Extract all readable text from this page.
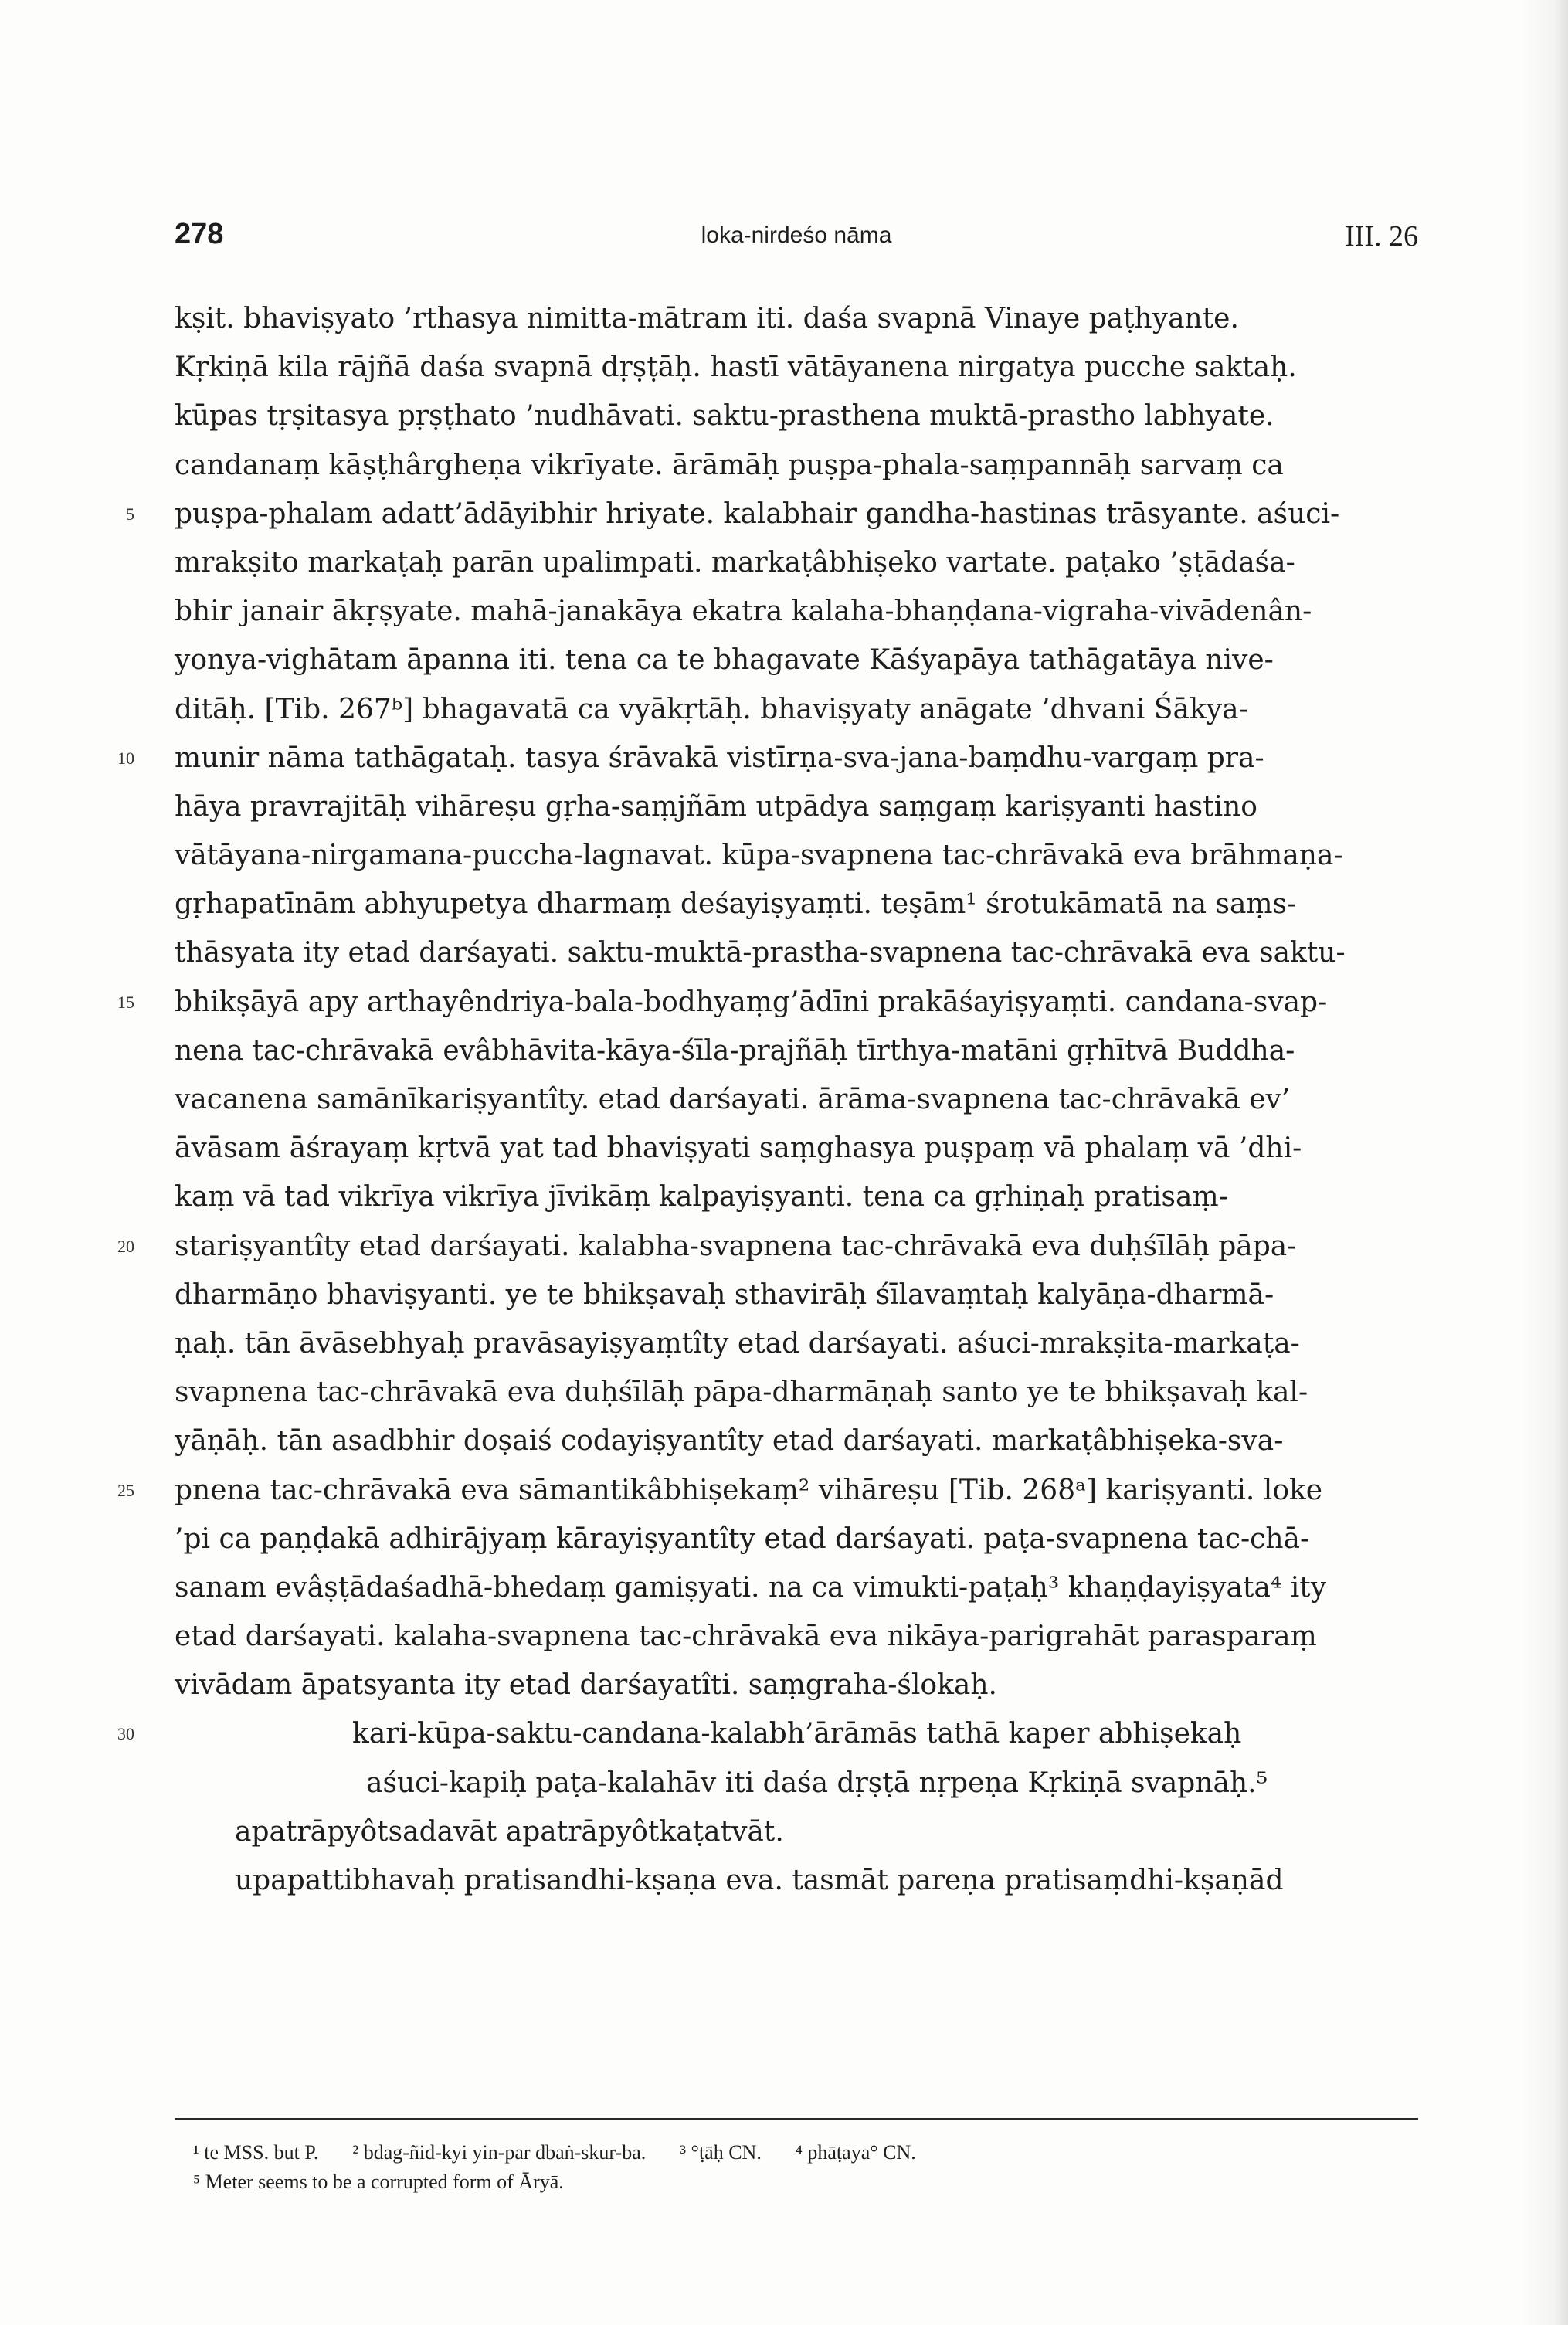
278	loka-nirdeśo nāma	III. 26
kṣit. bhaviṣyato ’rthasya nimitta-mātram iti. daśa svapnā Vinaye paṭhyante.
Kṛkiṇā kila rājñā daśa svapnā dṛṣṭāḥ. hastī vātāyanena nirgatya pucche saktaḥ.
kūpas tṛṣitasya pṛṣṭhato ’nudhāvati. saktu-prasthena muktā-prastho labhyate.
candanaṃ kāṣṭhârgheṇa vikrīyate. ārāmāḥ puṣpa-phala-saṃpannāḥ sarvaṃ ca
5 puṣpa-phalam adatt’ādāyibhir hriyate. kalabhair gandha-hastinas trāsyante. aśuci-
mrakṣito markaṭaḥ parān upalimpati. markaṭâbhiṣeko vartate. paṭako ’ṣṭādaśa-
bhir janair ākṛṣyate. mahā-janakāya ekatra kalaha-bhaṇḍana-vigraha-vivādenân-
yonya-vighātam āpanna iti. tena ca te bhagavate Kāśyapāya tathāgatāya nive-
ditāḥ. [Tib. 267ᵇ] bhagavatā ca vyākṛtāḥ. bhaviṣyaty anāgate ’dhvani Śākya-
10 munir nāma tathāgataḥ. tasya śrāvakā vistīrṇa-sva-jana-baṃdhu-vargaṃ pra-
hāya pravrajitāḥ vihāreṣu gṛha-saṃjñām utpādya saṃgaṃ kariṣyanti hastino
vātāyana-nirgamana-puccha-lagnavat. kūpa-svapnena tac-chrāvakā eva brāhmaṇa-
gṛhapatīnām abhyupetya dharmaṃ deśayiṣyaṃti. teṣām¹ śrotukāmatā na saṃs-
thāsyata ity etad darśayati. saktu-muktā-prastha-svapnena tac-chrāvakā eva saktu-
15 bhikṣāyā apy arthayêndriya-bala-bodhyaṃg’ādīni prakāśayiṣyaṃti. candana-svap-
nena tac-chrāvakā evâbhāvita-kāya-śīla-prajñāḥ tīrthya-matāni gṛhītvā Buddha-
vacanena samānīkariṣyantîty. etad darśayati. ārāma-svapnena tac-chrāvakā ev’
āvāsam āśrayaṃ kṛtvā yat tad bhaviṣyati saṃghasya puṣpaṃ vā phalaṃ vā ’dhi-
kaṃ vā tad vikrīya vikrīya jīvikāṃ kalpayiṣyanti. tena ca gṛhiṇaḥ pratisaṃ-
20 stariṣyantîty etad darśayati. kalabha-svapnena tac-chrāvakā eva duḥśīlāḥ pāpa-
dharmāṇo bhaviṣyanti. ye te bhikṣavaḥ sthavirāḥ śīlavaṃtaḥ kalyāṇa-dharmā-
ṇaḥ. tān āvāsebhyaḥ pravāsayiṣyaṃtîty etad darśayati. aśuci-mrakṣita-markaṭa-
svapnena tac-chrāvakā eva duḥśīlāḥ pāpa-dharmāṇaḥ santo ye te bhikṣavaḥ kal-
yāṇāḥ. tān asadbhir doṣaiś codayiṣyantîty etad darśayati. markaṭâbhiṣeka-sva-
25 pnena tac-chrāvakā eva sāmantikâbhiṣekaṃ² vihāreṣu [Tib. 268ᵃ] kariṣyanti. loke
’pi ca paṇḍakā adhirājyaṃ kārayiṣyantîty etad darśayati. paṭa-svapnena tac-chā-
sanam evâṣṭādaśadhā-bhedaṃ gamiṣyati. na ca vimukti-paṭaḥ³ khaṇḍayiṣyata⁴ ity
etad darśayati. kalaha-svapnena tac-chrāvakā eva nikāya-parigrahāt parasparaṃ
vivādam āpatsyanta ity etad darśayatîti. saṃgraha-ślokaḥ.
30	kari-kūpa-saktu-candana-kalabh’ārāmās tathā kaper abhiṣekaḥ
aśuci-kapiḥ paṭa-kalahāv iti daśa dṛṣṭā nṛpeṇa Kṛkiṇā svapnāḥ.⁵
apatrāpyôtsadavāt apatrāpyôtkaṭatvāt.
upapattibhavaḥ pratisandhi-kṣaṇa eva. tasmāt pareṇa pratisaṃdhi-kṣaṇād
¹ te MSS. but P. ² bdag-ñid-kyi yin-par dbaṅ-skur-ba. ³ °ṭāḥ CN. ⁴ phāṭaya° CN.
⁵ Meter seems to be a corrupted form of Āryā.
